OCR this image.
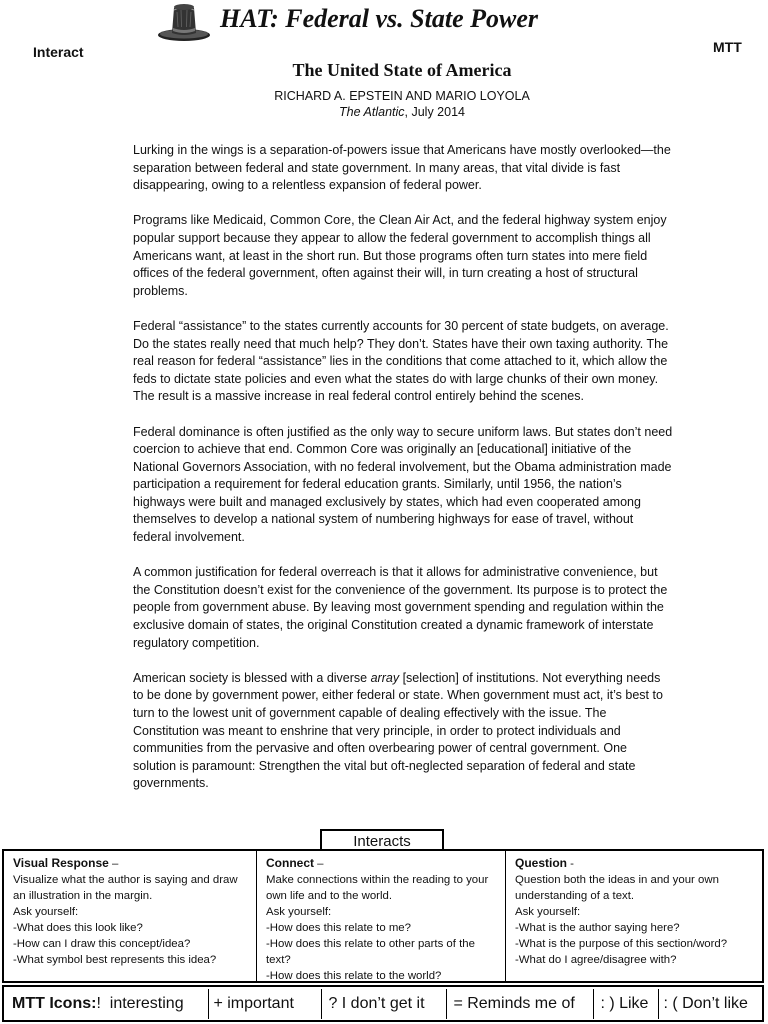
HAT: Federal vs. State Power
Interact	MTT
The United State of America
RICHARD A. EPSTEIN AND MARIO LOYOLA
The Atlantic, July 2014

Lurking in the wings is a separation-of-powers issue that Americans have mostly overlooked—the separation between federal and state government. In many areas, that vital divide is fast disappearing, owing to a relentless expansion of federal power.

Programs like Medicaid, Common Core, the Clean Air Act, and the federal highway system enjoy popular support because they appear to allow the federal government to accomplish things all Americans want, at least in the short run. But those programs often turn states into mere field offices of the federal government, often against their will, in turn creating a host of structural problems.

Federal “assistance” to the states currently accounts for 30 percent of state budgets, on average. Do the states really need that much help? They don’t. States have their own taxing authority. The real reason for federal “assistance” lies in the conditions that come attached to it, which allow the feds to dictate state policies and even what the states do with large chunks of their own money. The result is a massive increase in real federal control entirely behind the scenes.

Federal dominance is often justified as the only way to secure uniform laws. But states don’t need coercion to achieve that end. Common Core was originally an [educational] initiative of the National Governors Association, with no federal involvement, but the Obama administration made participation a requirement for federal education grants. Similarly, until 1956, the nation’s highways were built and managed exclusively by states, which had even cooperated among themselves to develop a national system of numbering highways for ease of travel, without federal involvement.

A common justification for federal overreach is that it allows for administrative convenience, but the Constitution doesn’t exist for the convenience of the government. Its purpose is to protect the people from government abuse. By leaving most government spending and regulation within the exclusive domain of states, the original Constitution created a dynamic framework of interstate regulatory competition.

American society is blessed with a diverse array [selection] of institutions. Not everything needs to be done by government power, either federal or state. When government must act, it’s best to turn to the lowest unit of government capable of dealing effectively with the issue. The Constitution was meant to enshrine that very principle, in order to protect individuals and communities from the pervasive and often overbearing power of central government. One solution is paramount: Strengthen the vital but oft-neglected separation of federal and state governments.

Interacts
Visual Response –
Visualize what the author is saying and draw an illustration in the margin.
Ask yourself:
-What does this look like?
-How can I draw this concept/idea?
-What symbol best represents this idea?
Connect –
Make connections within the reading to your own life and to the world.
Ask yourself:
-How does this relate to me?
-How does this relate to other parts of the text?
-How does this relate to the world?
Question -
Question both the ideas in and your own understanding of a text.
Ask yourself:
-What is the author saying here?
-What is the purpose of this section/word?
-What do I agree/disagree with?
MTT Icons: ! interesting + important ? I don’t get it = Reminds me of : ) Like : ( Don’t like
